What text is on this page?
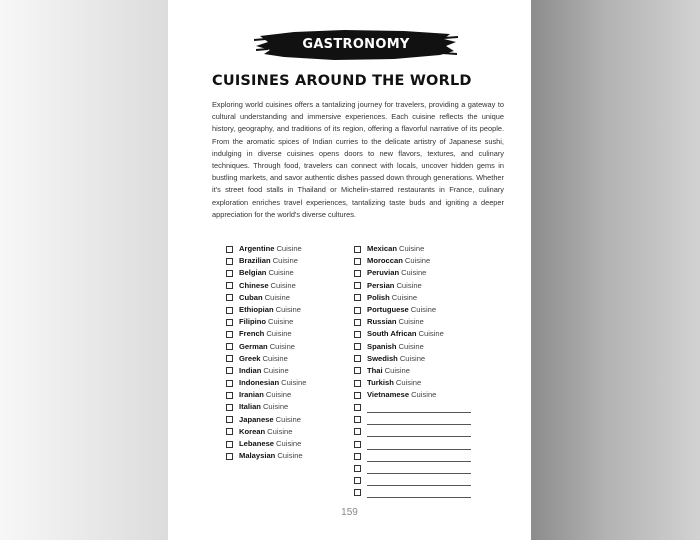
GASTRONOMY
CUISINES AROUND THE WORLD

Exploring world cuisines offers a tantalizing journey for travelers, providing a gateway to cultural understanding and immersive experiences. Each cuisine reflects the unique history, geography, and traditions of its region, offering a flavorful narrative of its people. From the aromatic spices of Indian curries to the delicate artistry of Japanese sushi, indulging in diverse cuisines opens doors to new flavors, textures, and culinary techniques. Through food, travelers can connect with locals, uncover hidden gems in bustling markets, and savor authentic dishes passed down through generations. Whether it's street food stalls in Thailand or Michelin-starred restaurants in France, culinary exploration enriches travel experiences, tantalizing taste buds and igniting a deeper appreciation for the world's diverse cultures.

Argentine Cuisine
Brazilian Cuisine
Belgian Cuisine
Chinese Cuisine
Cuban Cuisine
Ethiopian Cuisine
Filipino Cuisine
French Cuisine
German Cuisine
Greek Cuisine
Indian Cuisine
Indonesian Cuisine
Iranian Cuisine
Italian Cuisine
Japanese Cuisine
Korean Cuisine
Lebanese Cuisine
Malaysian Cuisine
Mexican Cuisine
Moroccan Cuisine
Peruvian Cuisine
Persian Cuisine
Polish Cuisine
Portuguese Cuisine
Russian Cuisine
South African Cuisine
Spanish Cuisine
Swedish Cuisine
Thai Cuisine
Turkish Cuisine
Vietnamese Cuisine
159
